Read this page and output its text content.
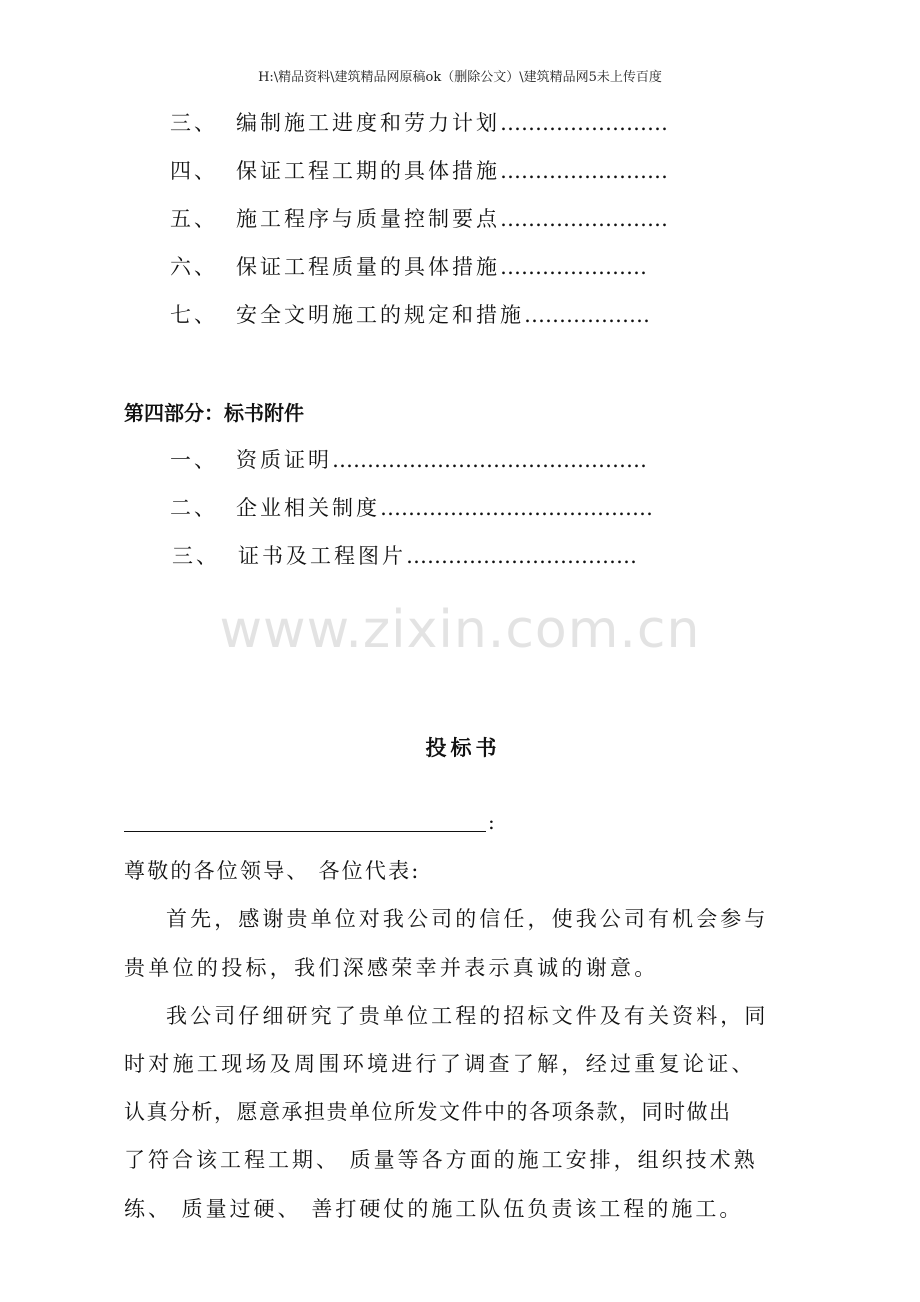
H:\精品资料\建筑精品网原稿ok（删除公文）\建筑精品网5未上传百度
三、 编制施工进度和劳力计划……………………
四、 保证工程工期的具体措施……………………
五、 施工程序与质量控制要点……………………
六、 保证工程质量的具体措施…………………
七、 安全文明施工的规定和措施………………
第四部分：标书附件
一、 资质证明………………………………………
二、 企业相关制度…………………………………
三、 证书及工程图片……………………………
www.zixin.com.cn
投标书
:
尊敬的各位领导、 各位代表:
首先，感谢贵单位对我公司的信任，使我公司有机会参与
贵单位的投标，我们深感荣幸并表示真诚的谢意。
我公司仔细研究了贵单位工程的招标文件及有关资料，同
时对施工现场及周围环境进行了调查了解，经过重复论证、
认真分析，愿意承担贵单位所发文件中的各项条款，同时做出
了符合该工程工期、 质量等各方面的施工安排，组织技术熟
练、 质量过硬、 善打硬仗的施工队伍负责该工程的施工。
